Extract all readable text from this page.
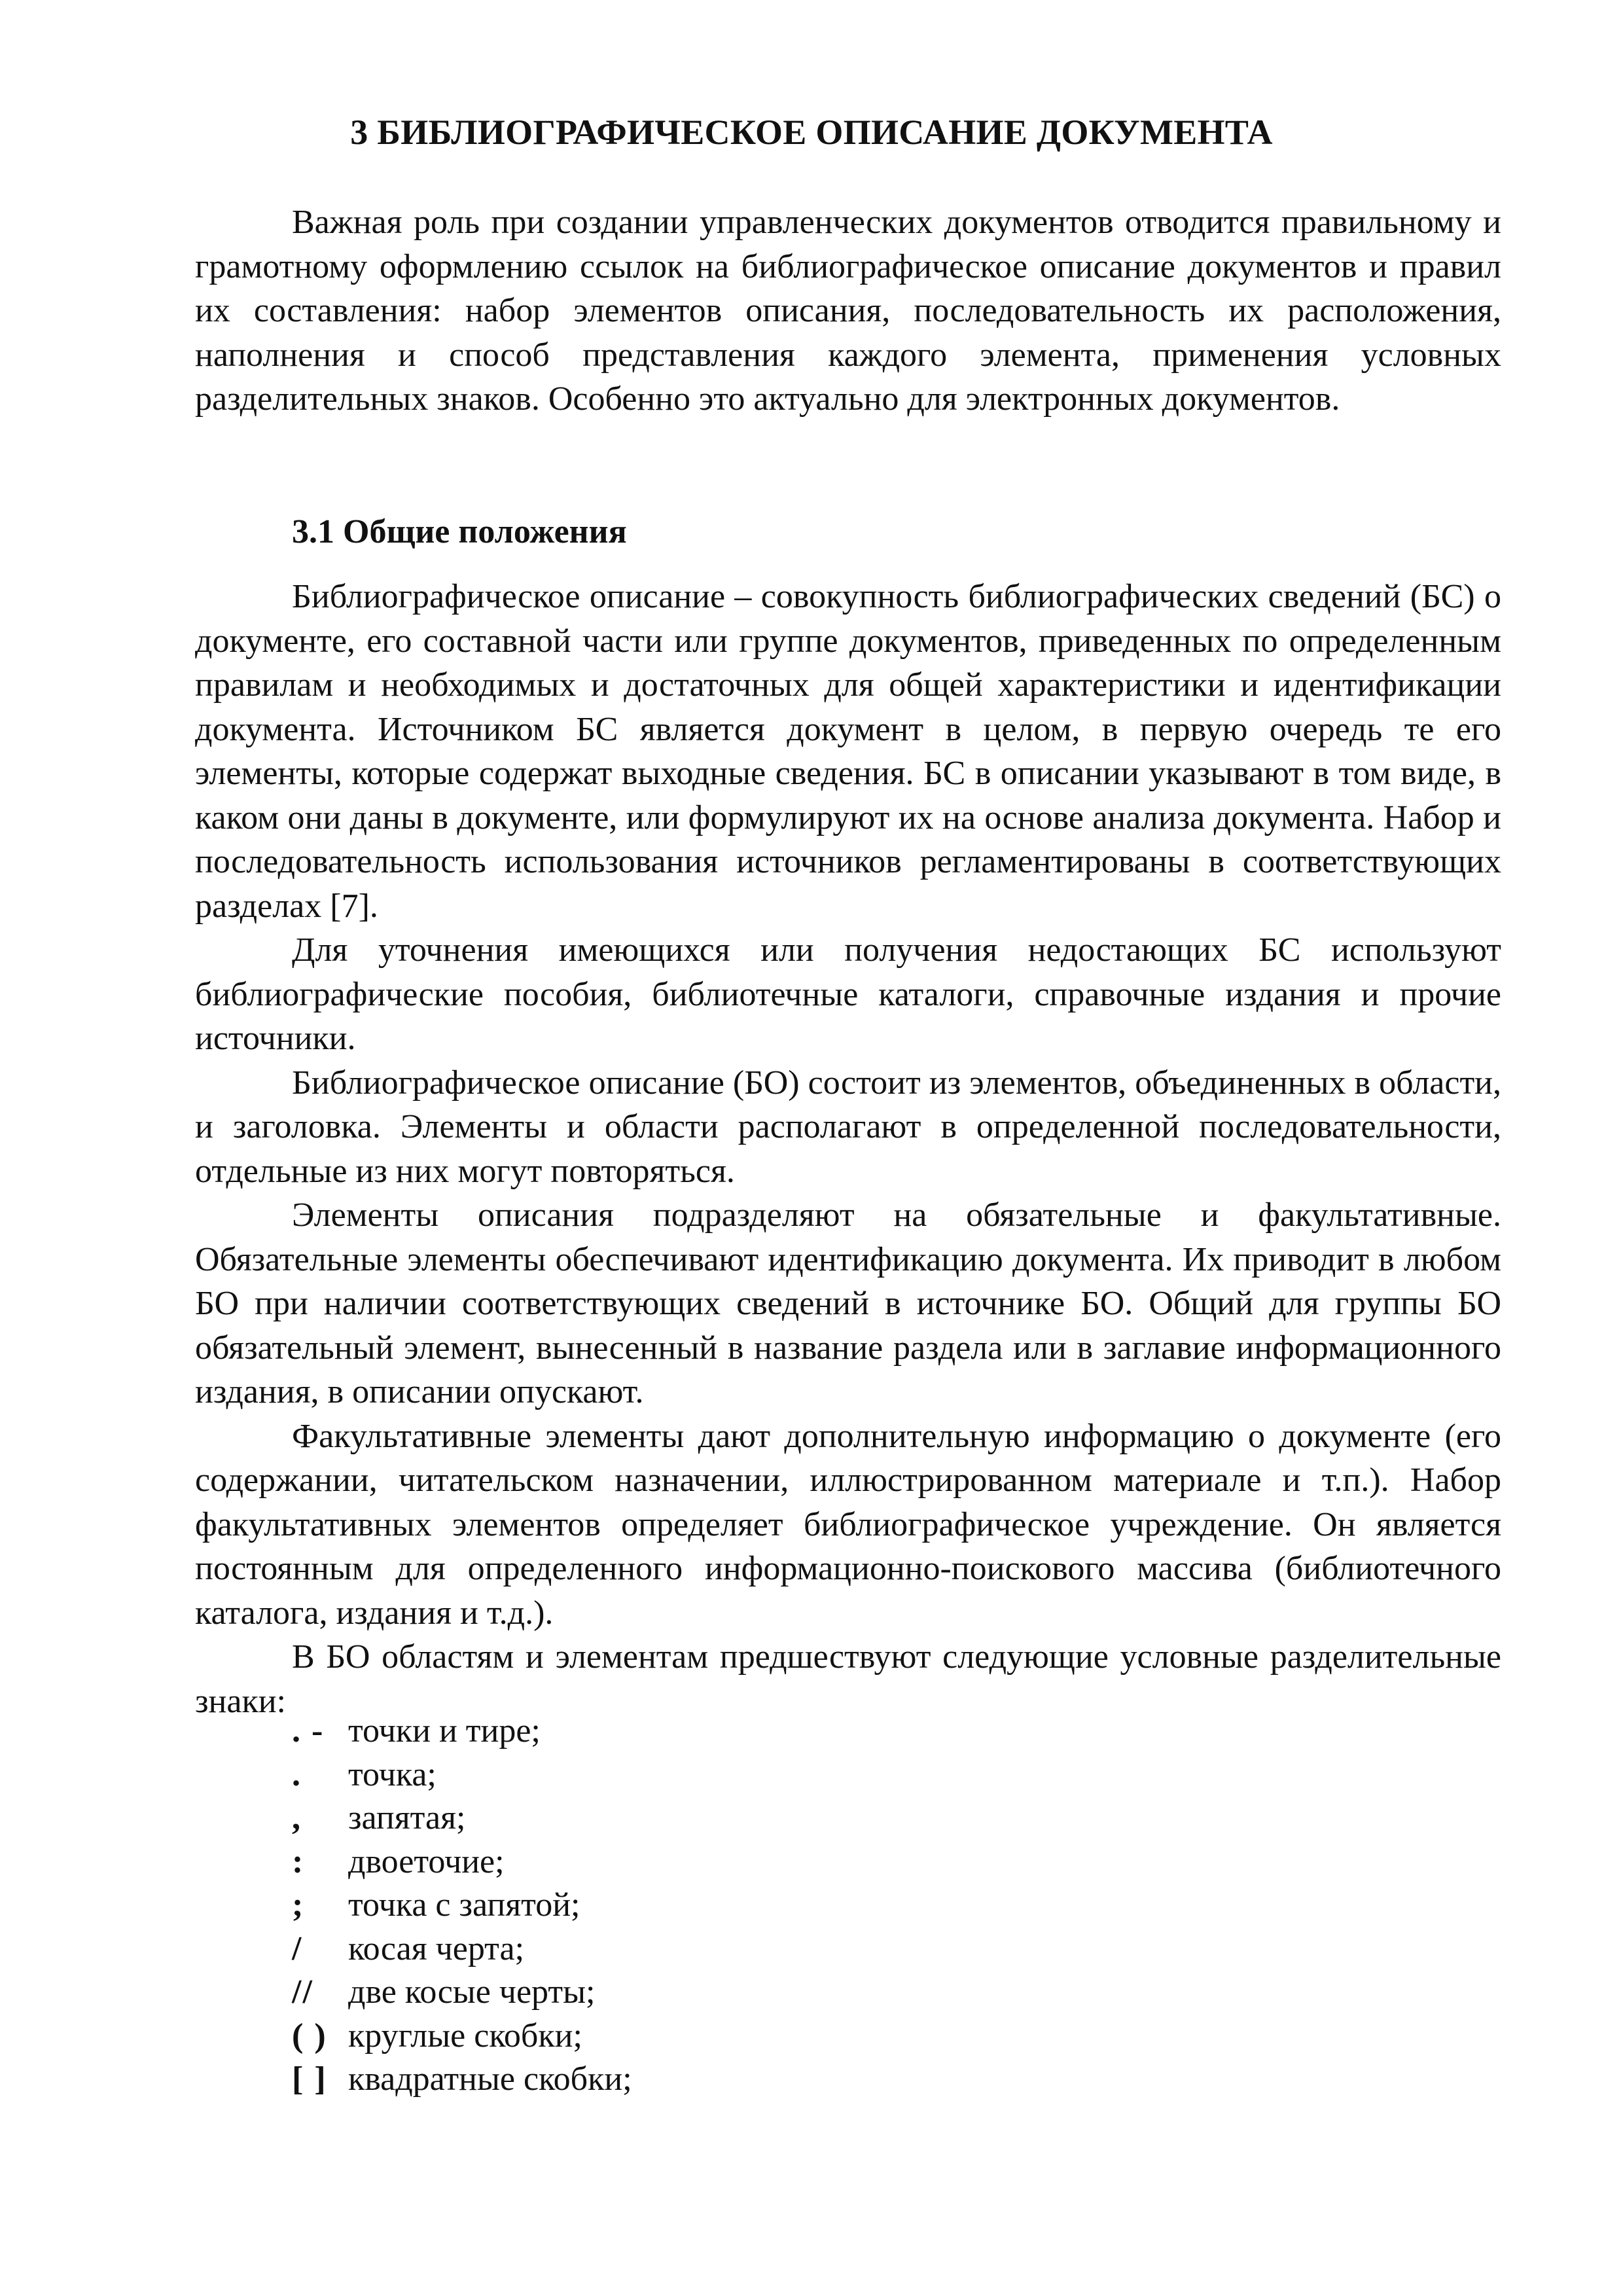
3 БИБЛИОГРАФИЧЕСКОЕ ОПИСАНИЕ ДОКУМЕНТА

Важная роль при создании управленческих документов отводится правильному и грамотному оформлению ссылок на библиографическое описание документов и правил их составления: набор элементов описания, последовательность их расположения, наполнения и способ представления каждого элемента, применения условных разделительных знаков. Особенно это актуально для электронных документов.

3.1 Общие положения

Библиографическое описание – совокупность библиографических сведений (БС) о документе, его составной части или группе документов, приведенных по определенным правилам и необходимых и достаточных для общей характеристики и идентификации документа. Источником БС является документ в целом, в первую очередь те его элементы, которые содержат выходные сведения. БС в описании указывают в том виде, в каком они даны в документе, или формулируют их на основе анализа документа. Набор и последовательность использования источников регламентированы в соответствующих разделах [7].

Для уточнения имеющихся или получения недостающих БС используют библиографические пособия, библиотечные каталоги, справочные издания и прочие источники.

Библиографическое описание (БО) состоит из элементов, объединенных в области, и заголовка. Элементы и области располагают в определенной последовательности, отдельные из них могут повторяться.

Элементы описания подразделяют на обязательные и факультативные. Обязательные элементы обеспечивают идентификацию документа. Их приводит в любом БО при наличии соответствующих сведений в источнике БО. Общий для группы БО обязательный элемент, вынесенный в название раздела или в заглавие информационного издания, в описании опускают.

Факультативные элементы дают дополнительную информацию о документе (его содержании, читательском назначении, иллюстрированном материале и т.п.). Набор факультативных элементов определяет библиографическое учреждение. Он является постоянным для определенного информационно-поискового массива (библиотечного каталога, издания и т.д.).

В БО областям и элементам предшествуют следующие условные разделительные знаки:

. - точки и тире;
.	точка;
,	запятая;
:	двоеточие;
;	точка с запятой;
/	косая черта;
//	две косые черты;
( ) круглые скобки;
[ ] квадратные скобки;
